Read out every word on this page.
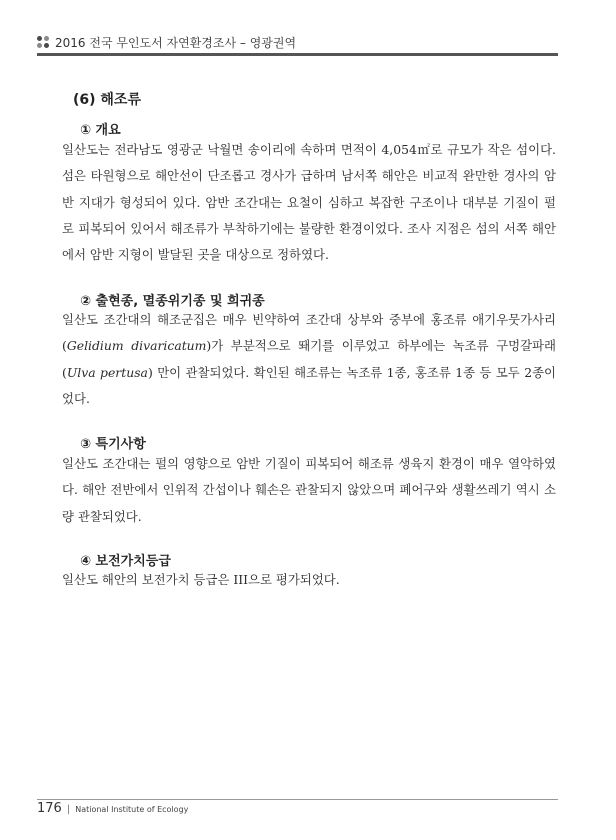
2016 전국 무인도서 자연환경조사 – 영광권역
(6) 해조류
① 개요
일산도는 전라남도 영광군 낙월면 송이리에 속하며 면적이 4,054㎡로 규모가 작은 섬이다. 섬은 타원형으로 해안선이 단조롭고 경사가 급하며 남서쪽 해안은 비교적 완만한 경사의 암반 지대가 형성되어 있다. 암반 조간대는 요철이 심하고 복잡한 구조이나 대부분 기질이 펄로 피복되어 있어서 해조류가 부착하기에는 불량한 환경이었다. 조사 지점은 섬의 서쪽 해안에서 암반 지형이 발달된 곳을 대상으로 정하였다.
② 출현종, 멸종위기종 및 희귀종
일산도 조간대의 해조군집은 매우 빈약하여 조간대 상부와 중부에 홍조류 애기우뭇가사리(Gelidium divaricatum)가 부분적으로 뙈기를 이루었고 하부에는 녹조류 구멍갈파래(Ulva pertusa) 만이 관찰되었다. 확인된 해조류는 녹조류 1종, 홍조류 1종 등 모두 2종이었다.
③ 특기사항
일산도 조간대는 펄의 영향으로 암반 기질이 피복되어 해조류 생육지 환경이 매우 열악하였다. 해안 전반에서 인위적 간섭이나 훼손은 관찰되지 않았으며 폐어구와 생활쓰레기 역시 소량 관찰되었다.
④ 보전가치등급
일산도 해안의 보전가치 등급은 III으로 평가되었다.
176 | National Institute of Ecology
